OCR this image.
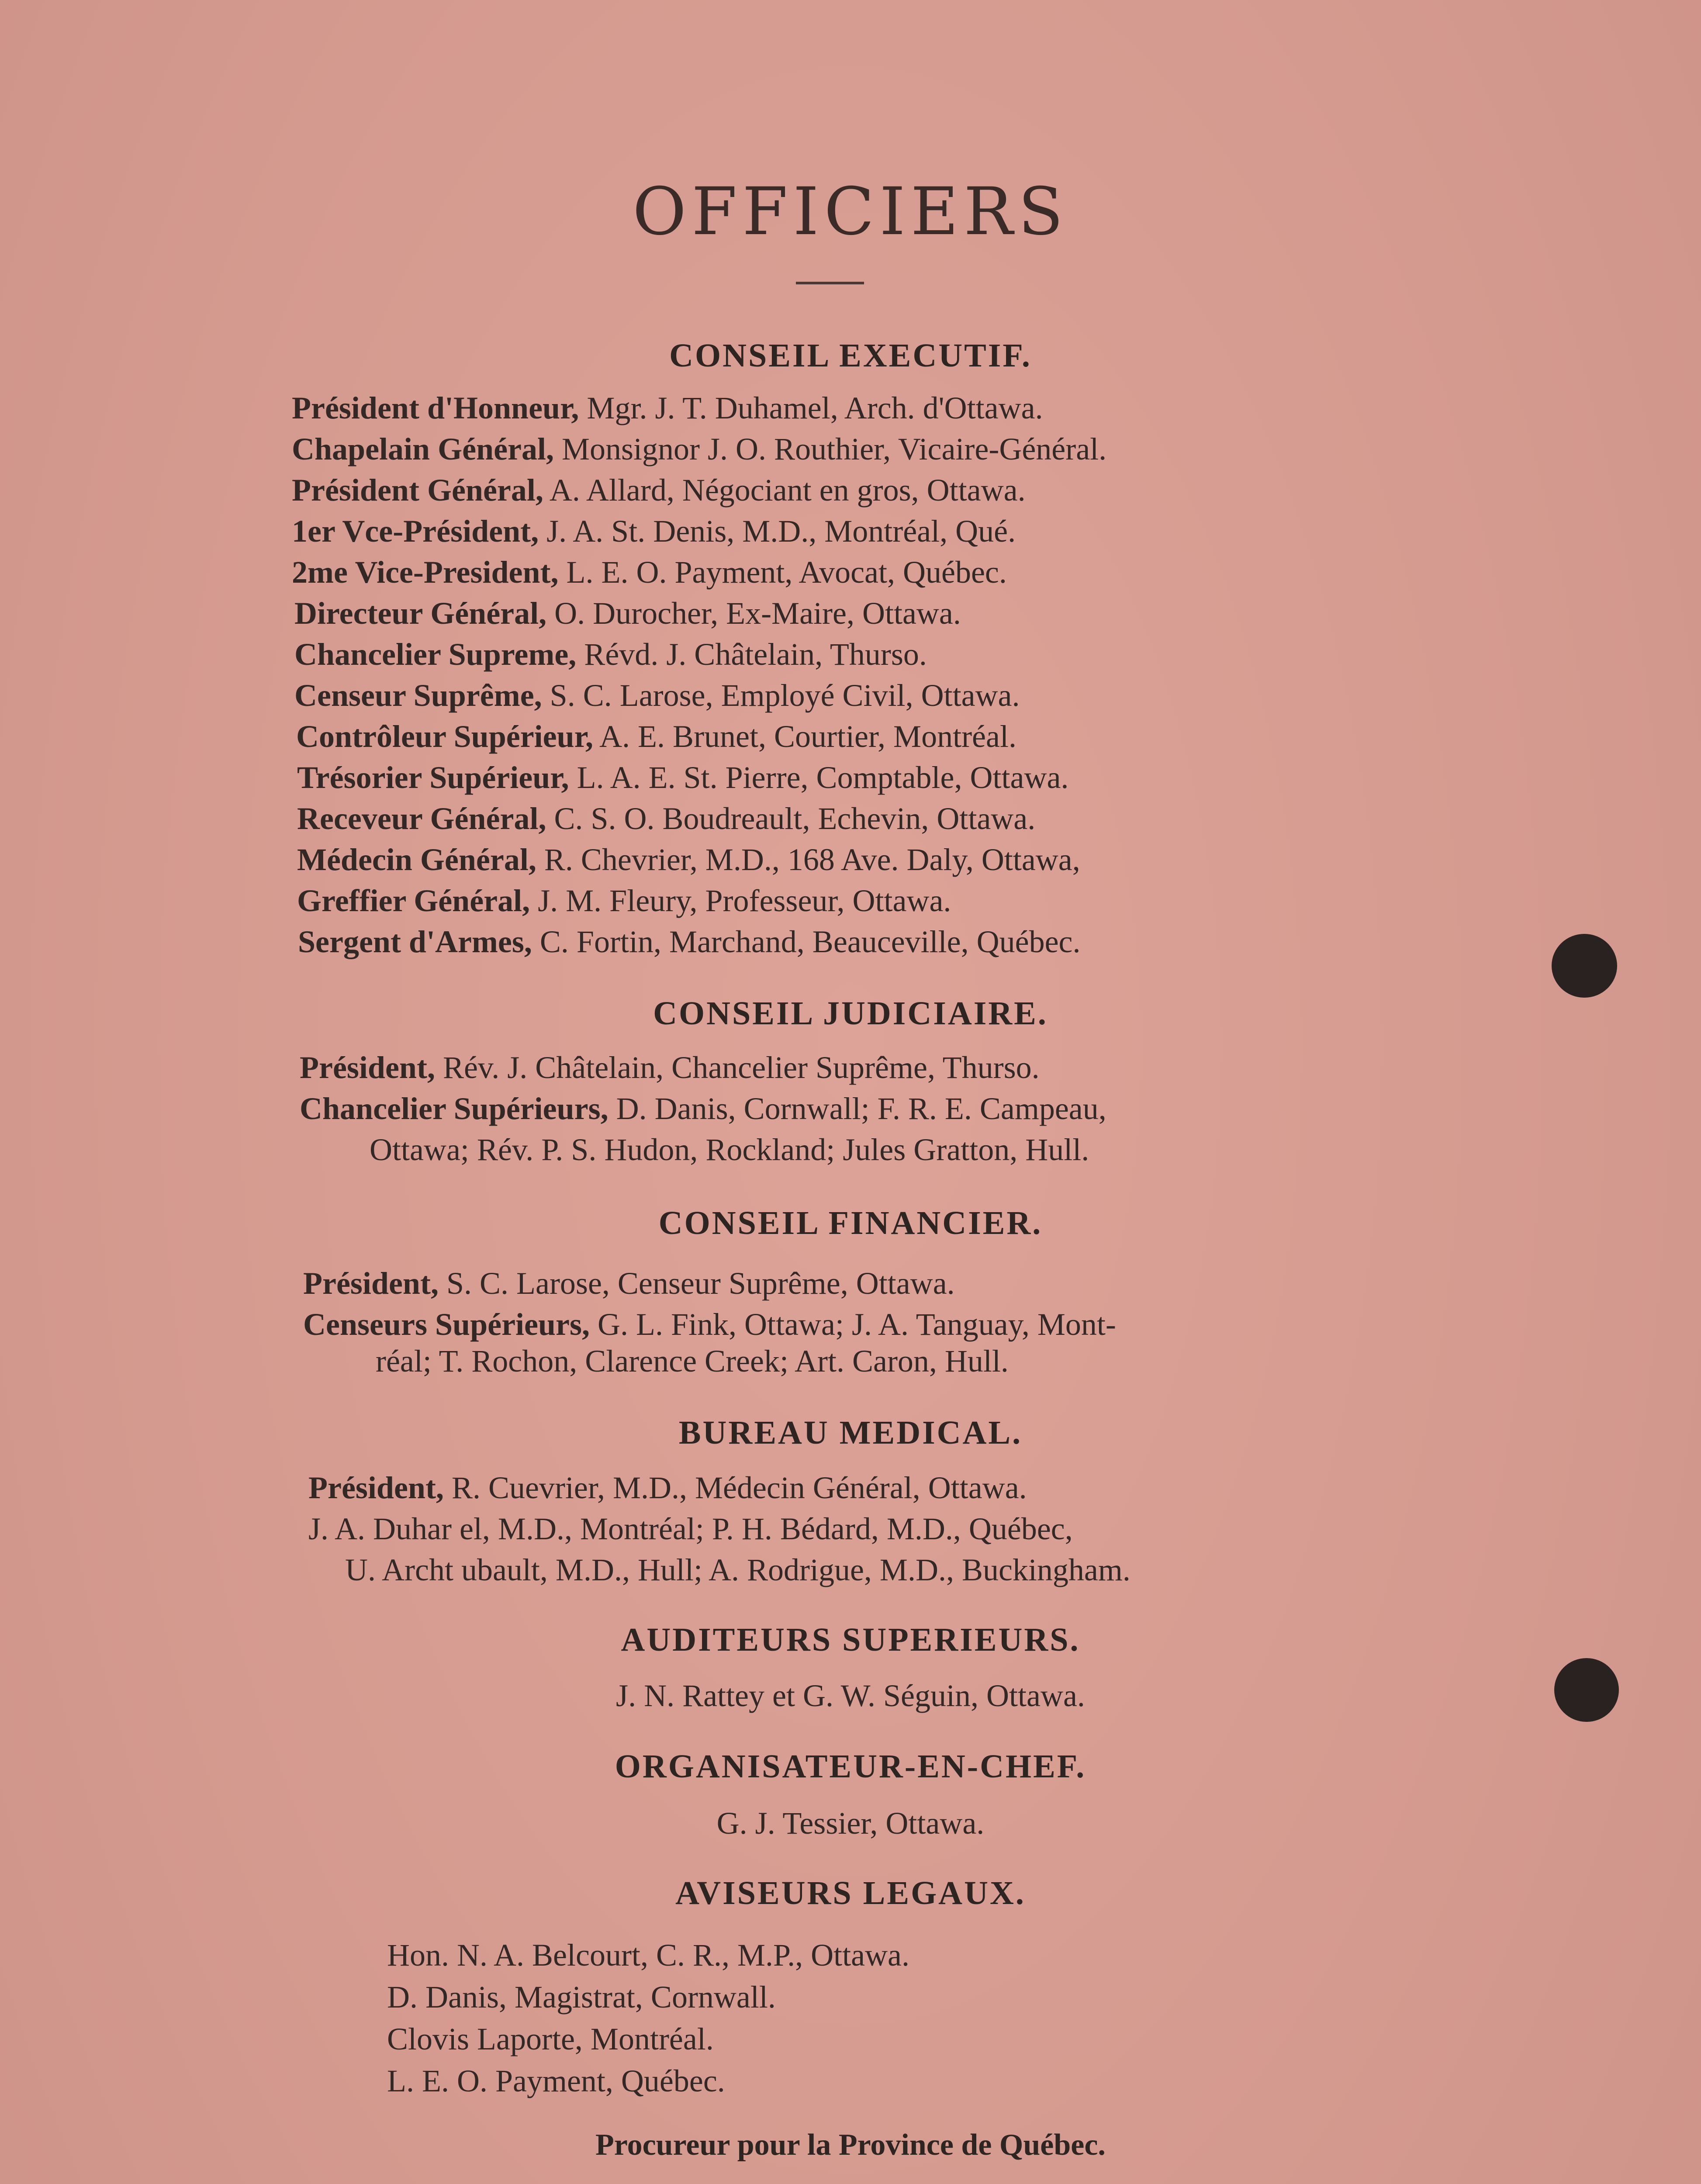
OFFICIERS
CONSEIL EXECUTIF.
Président d'Honneur, Mgr. J. T. Duhamel, Arch. d'Ottawa.
Chapelain Général, Monsignor J. O. Routhier, Vicaire-Général.
Président Général, A. Allard, Négociant en gros, Ottawa.
1er Vce-Président, J. A. St. Denis, M.D., Montréal, Qué.
2me Vice-President, L. E. O. Payment, Avocat, Québec.
Directeur Général, O. Durocher, Ex-Maire, Ottawa.
Chancelier Supreme, Révd. J. Châtelain, Thurso.
Censeur Suprême, S. C. Larose, Employé Civil, Ottawa.
Contrôleur Supérieur, A. E. Brunet, Courtier, Montréal.
Trésorier Supérieur, L. A. E. St. Pierre, Comptable, Ottawa.
Receveur Général, C. S. O. Boudreault, Echevin, Ottawa.
Médecin Général, R. Chevrier, M.D., 168 Ave. Daly, Ottawa,
Greffier Général, J. M. Fleury, Professeur, Ottawa.
Sergent d'Armes, C. Fortin, Marchand, Beauceville, Québec.
CONSEIL JUDICIAIRE.
Président, Rév. J. Châtelain, Chancelier Suprême, Thurso.
Chancelier Supérieurs, D. Danis, Cornwall; F. R. E. Campeau,
Ottawa; Rév. P. S. Hudon, Rockland; Jules Gratton, Hull.
CONSEIL FINANCIER.
Président, S. C. Larose, Censeur Suprême, Ottawa.
Censeurs Supérieurs, G. L. Fink, Ottawa; J. A. Tanguay, Mont-
réal; T. Rochon, Clarence Creek; Art. Caron, Hull.
BUREAU MEDICAL.
Président, R. Cuevrier, M.D., Médecin Général, Ottawa.
J. A. Duhar el, M.D., Montréal; P. H. Bédard, M.D., Québec,
U. Archt ubault, M.D., Hull; A. Rodrigue, M.D., Buckingham.
AUDITEURS SUPERIEURS.
J. N. Rattey et G. W. Séguin, Ottawa.
ORGANISATEUR-EN-CHEF.
G. J. Tessier, Ottawa.
AVISEURS LEGAUX.
Hon. N. A. Belcourt, C. R., M.P., Ottawa.
D. Danis, Magistrat, Cornwall.
Clovis Laporte, Montréal.
L. E. O. Payment, Québec.
Procureur pour la Province de Québec.
